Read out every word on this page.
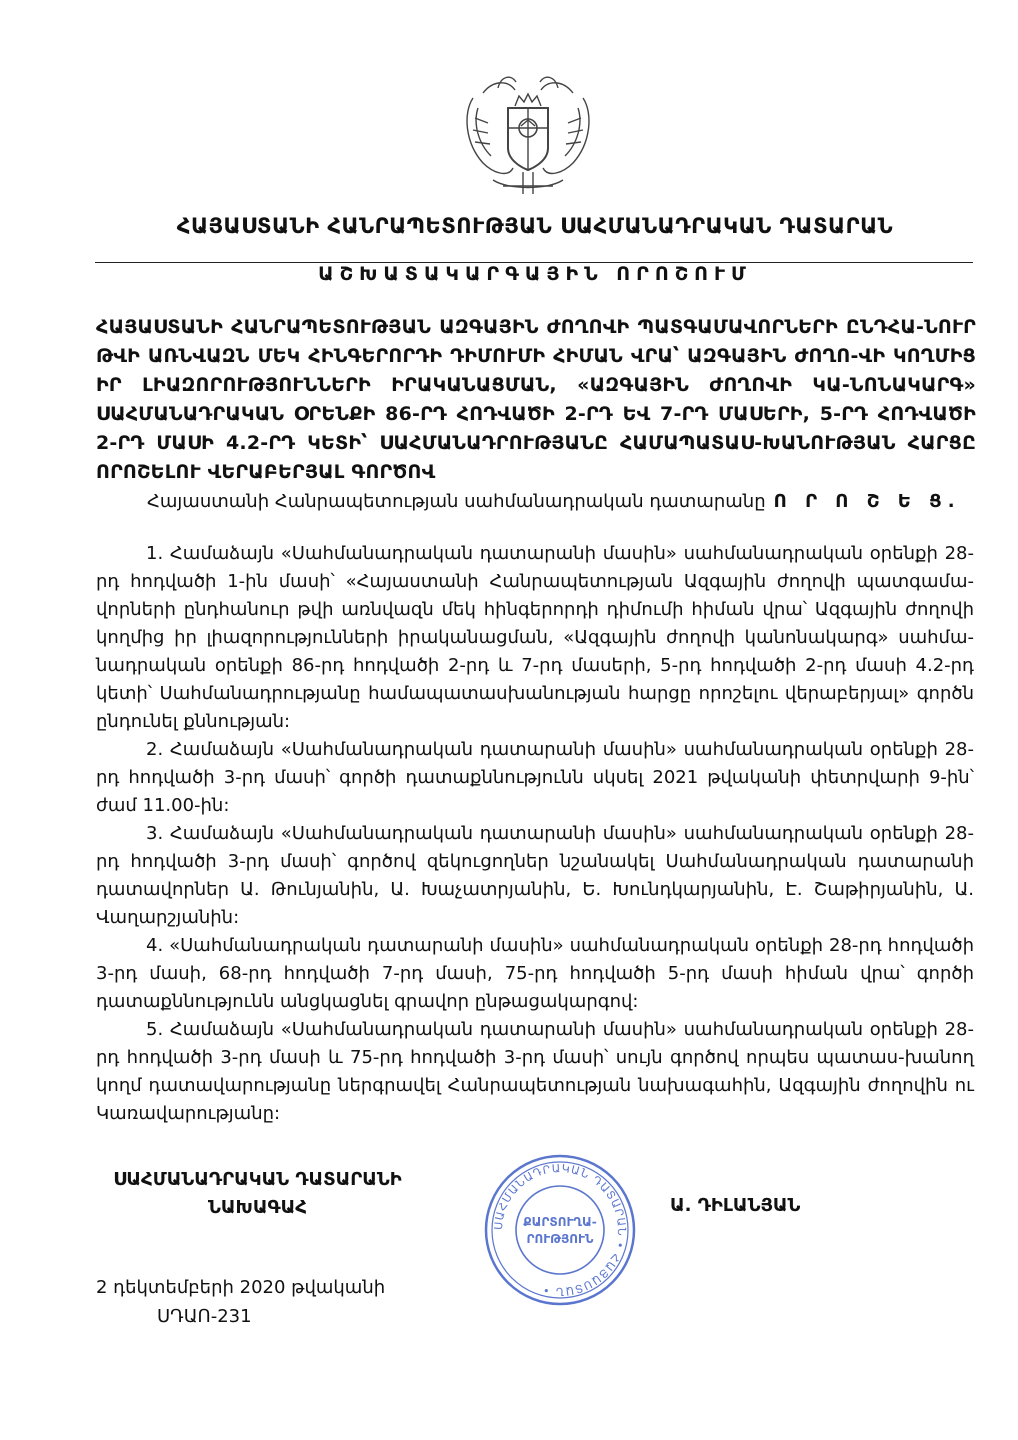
ՀԱՅԱՍՏԱՆԻ ՀԱՆՐԱՊԵՏՈՒԹՅԱՆ ՍԱՀՄԱՆԱԴՐԱԿԱՆ ԴԱՏԱՐԱՆ
ԱՇԽԱՏԱԿԱՐԳԱՅԻՆ ՈՐՈՇՈՒՄ
ՀԱՅԱՍՏԱՆԻ ՀԱՆՐԱՊԵՏՈՒԹՅԱՆ ԱԶԳԱՅԻՆ ԺՈՂՈՎԻ ՊԱՏԳԱՄԱՎՈՐՆԵՐԻ ԸՆԴՀԱ-ՆՈՒՐ ԹՎԻ ԱՌՆՎԱԶՆ ՄԵԿ ՀԻՆԳԵՐՈՐԴԻ ԴԻՄՈՒՄԻ ՀԻՄԱՆ ՎՐԱ՝ ԱԶԳԱՅԻՆ ԺՈՂՈ-ՎԻ ԿՈՂՄԻՑ ԻՐ ԼԻԱԶՈՐՈՒԹՅՈՒՆՆԵՐԻ ԻՐԱԿԱՆԱՑՄԱՆ, «ԱԶԳԱՅԻՆ ԺՈՂՈՎԻ ԿԱ-ՆՈՆԱԿԱՐԳ» ՍԱՀՄԱՆԱԴՐԱԿԱՆ ՕՐԵՆՔԻ 86-ՐԴ ՀՈԴՎԱԾԻ 2-ՐԴ ԵՎ 7-ՐԴ ՄԱՍԵՐԻ, 5-ՐԴ ՀՈԴՎԱԾԻ 2-ՐԴ ՄԱՍԻ 4.2-ՐԴ ԿԵՏԻ՝ ՍԱՀՄԱՆԱԴՐՈՒԹՅԱՆԸ ՀԱՄԱՊԱՏԱՍ-ԽԱՆՈՒԹՅԱՆ ՀԱՐՑԸ ՈՐՈՇԵԼՈՒ ՎԵՐԱԲԵՐՅԱԼ ԳՈՐԾՈՎ
Հայաստանի Հանրապետության սահմանադրական դատարանը Ո Ր Ո Շ Ե Ց.

1. Համաձայն «Սահմանադրական դատարանի մասին» սահմանադրական օրենքի 28-րդ հոդվածի 1-ին մասի՝ «Հայաստանի Հանրապետության Ազգային ժողովի պատգամա-վորների ընդհանուր թվի առնվազն մեկ հինգերորդի դիմումի հիման վրա՝ Ազգային ժողովի կողմից իր լիազորությունների իրականացման, «Ազգային ժողովի կանոնակարգ» սահմա-նադրական օրենքի 86-րդ հոդվածի 2-րդ և 7-րդ մասերի, 5-րդ հոդվածի 2-րդ մասի 4.2-րդ կետի՝ Սահմանադրությանը համապատասխանության հարցը որոշելու վերաբերյալ» գործն ընդունել քննության:

2. Համաձայն «Սահմանադրական դատարանի մասին» սահմանադրական օրենքի 28-րդ հոդվածի 3-րդ մասի՝ գործի դատաքննությունն սկսել 2021 թվականի փետրվարի 9-ին՝ ժամ 11.00-ին:

3. Համաձայն «Սահմանադրական դատարանի մասին» սահմանադրական օրենքի 28-րդ հոդվածի 3-րդ մասի՝ գործով զեկուցողներ նշանակել Սահմանադրական դատարանի դատավորներ Ա. Թունյանին, Ա. Խաչատրյանին, Ե. Խունդկարյանին, Է. Շաթիրյանին, Ա. Վաղարշյանին:

4. «Սահմանադրական դատարանի մասին» սահմանադրական օրենքի 28-րդ հոդվածի 3-րդ մասի, 68-րդ հոդվածի 7-րդ մասի, 75-րդ հոդվածի 5-րդ մասի հիման վրա՝ գործի դատաքննությունն անցկացնել գրավոր ընթացակարգով:

5. Համաձայն «Սահմանադրական դատարանի մասին» սահմանադրական օրենքի 28-րդ հոդվածի 3-րդ մասի և 75-րդ հոդվածի 3-րդ մասի՝ սույն գործով որպես պատաս-խանող կողմ դատավարությանը ներգրավել Հանրապետության նախագահին, Ազգային ժողովին ու Կառավարությանը:

ՍԱՀՄԱՆԱԴՐԱԿԱՆ ԴԱՏԱՐԱՆԻ
ՆԱԽԱԳԱՀ
ՍԱՀՄԱՆԱԴՐԱԿԱՆ ԴԱՏԱՐԱՆ • ՀԱՅԱՍՏԱՆ •
ՔԱՐՏՈՒՂԱ-
ՐՈՒԹՅՈՒՆ
Ա. ԴԻԼԱՆՅԱՆ
2 դեկտեմբերի 2020 թվականի
ՍԴԱՈ-231
